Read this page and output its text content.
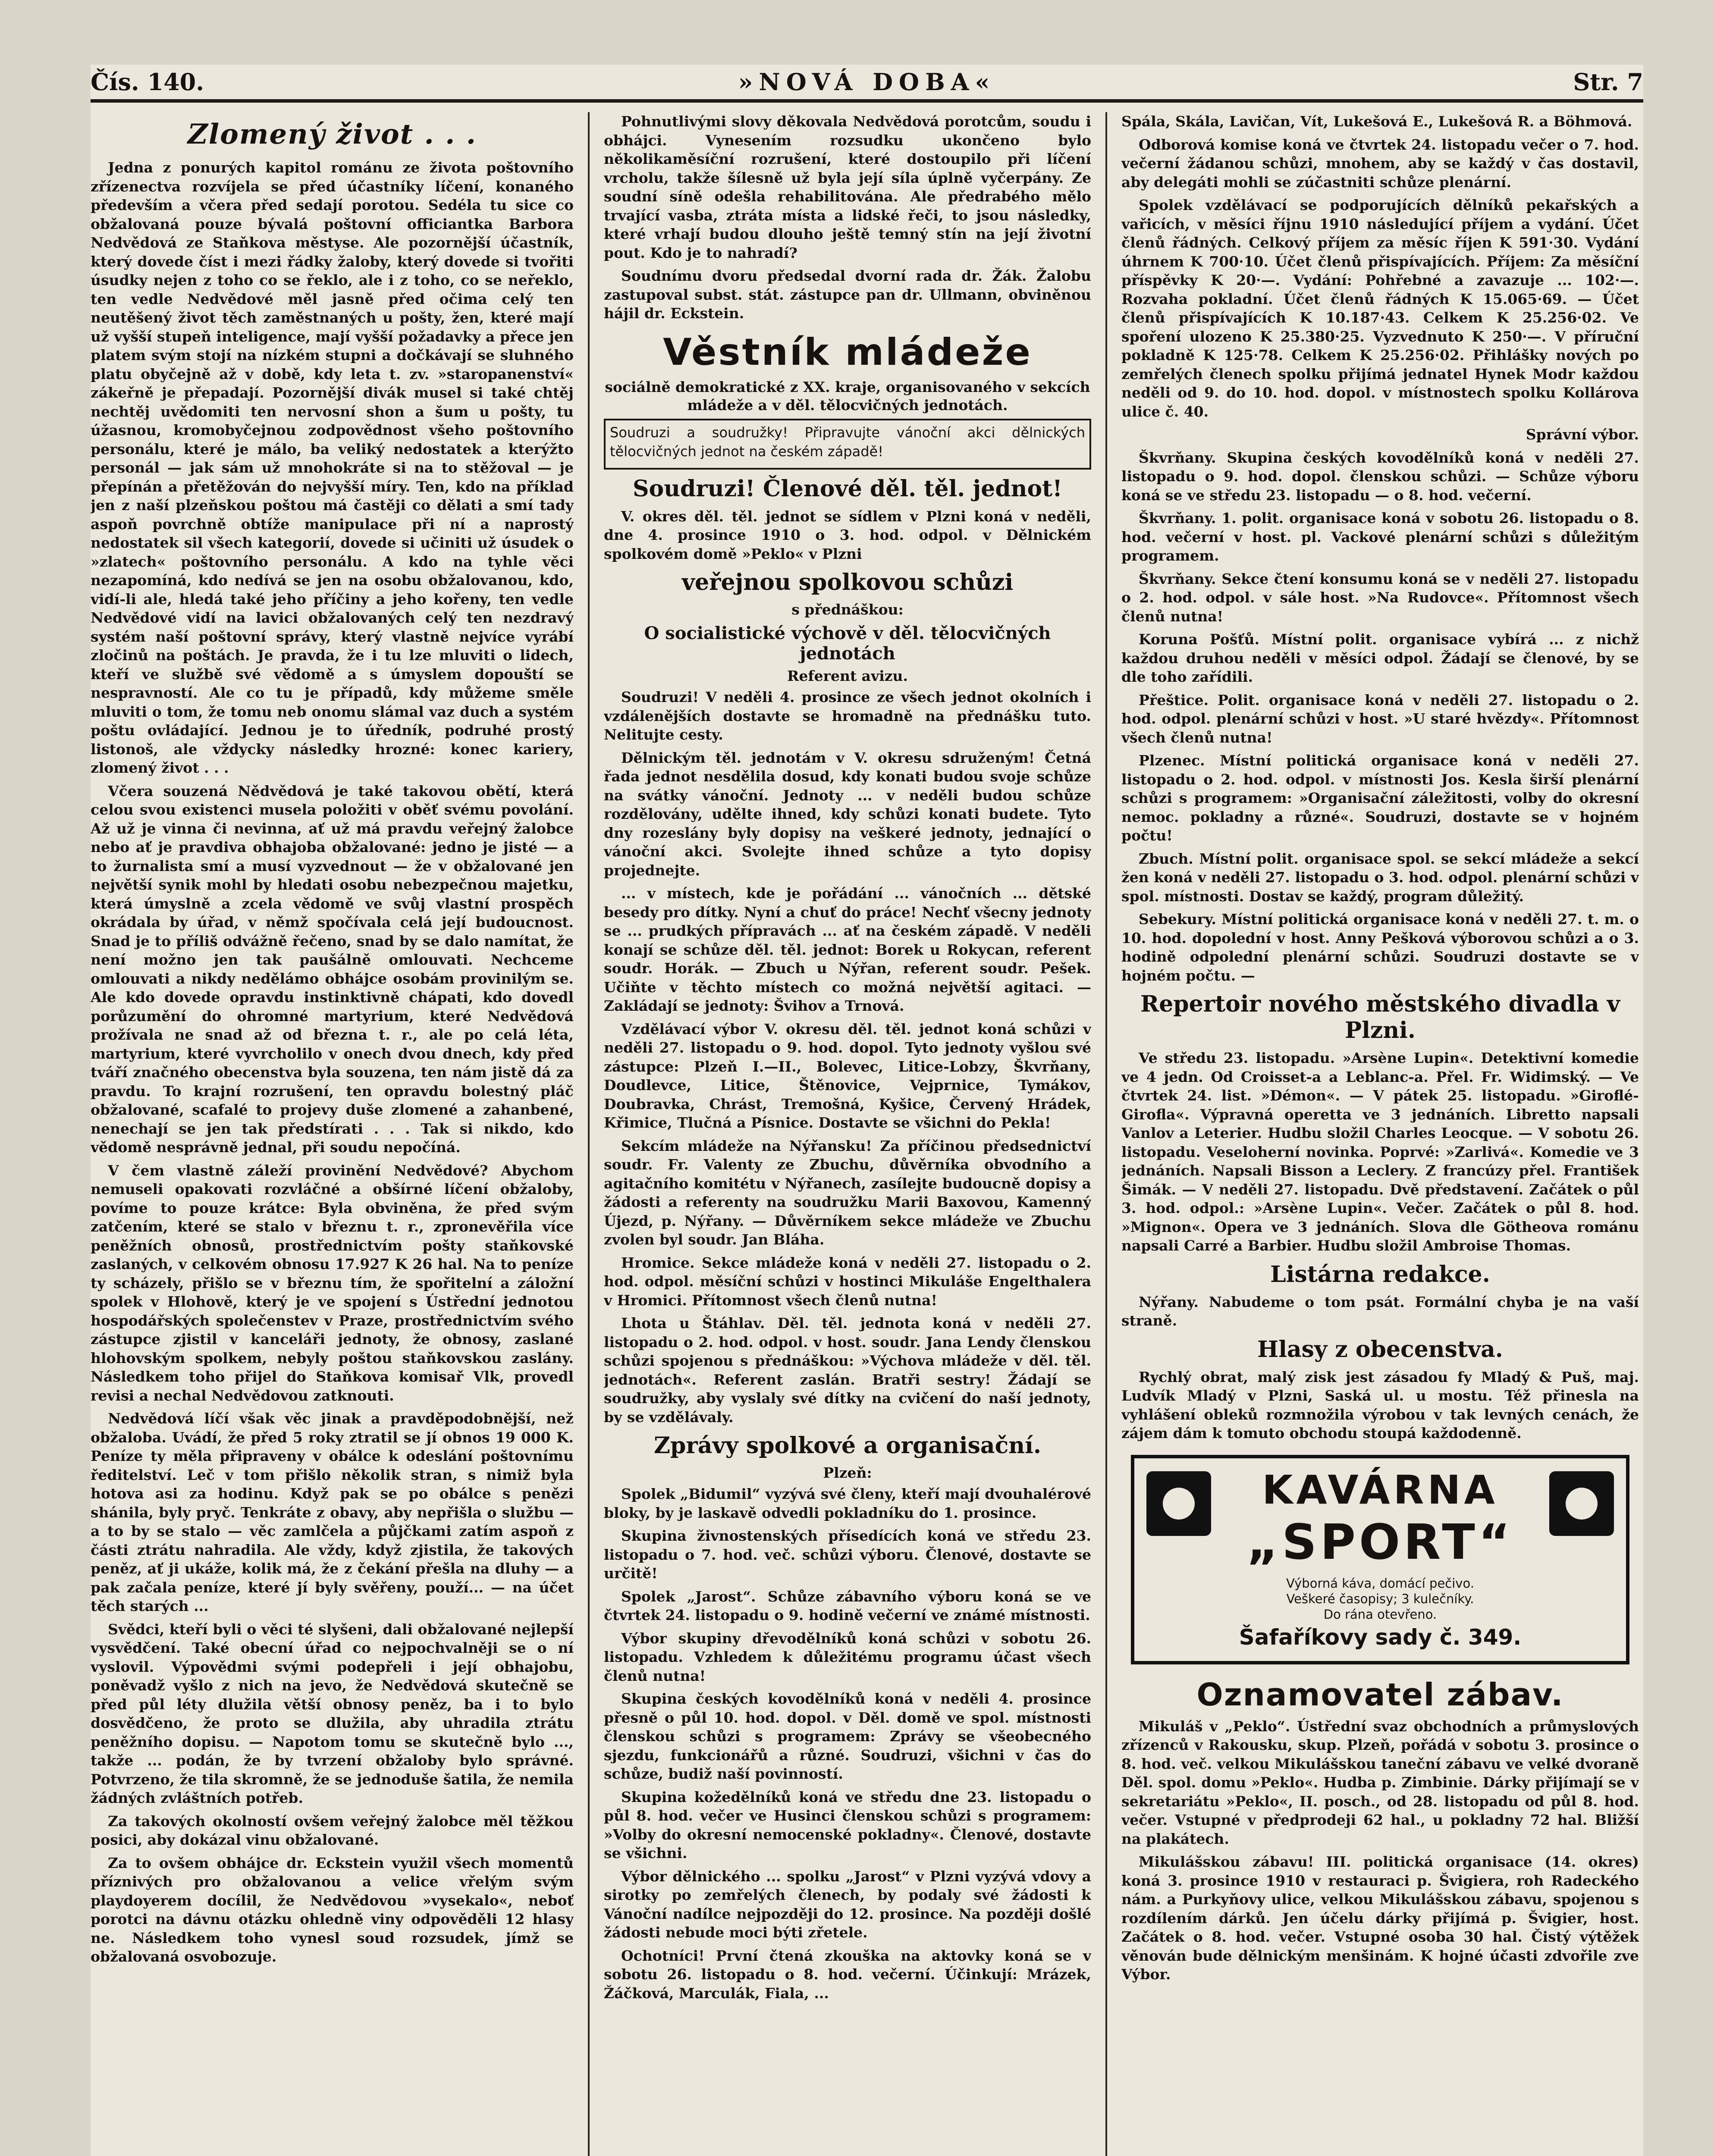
Čís. 140.	»NOVÁ DOBA«	Str. 7
Zlomený život . . .

Jedna z ponurých kapitol románu ze života poštovního zřízenectva rozvíjela se před účastníky líčení, konaného především a včera před sedají porotou. Sedéla tu sice co obžalovaná pouze bývalá poštovní officiantka Barbora Nedvědová ze Staňkova městyse. Ale pozornější účastník, který dovede číst i mezi řádky žaloby, který dovede si tvořiti úsudky nejen z toho co se řeklo, ale i z toho, co se neřeklo, ten vedle Nedvědové měl jasně před očima celý ten neutěšený život těch zaměstnaných u pošty, žen, které mají už vyšší stupeň inteligence, mají vyšší požadavky a přece jen platem svým stojí na nízkém stupni a dočkávají se sluhného platu obyčejně až v době, kdy leta t. zv. »staropanenství« zákeřně je přepadají. Pozornější divák musel si také chtěj nechtěj uvědomiti ten nervosní shon a šum u pošty, tu úžasnou, kromobyčejnou zodpovědnost všeho poštovního personálu, které je málo, ba veliký nedostatek a kterýžto personál — jak sám už mnohokráte si na to stěžoval — je přepínán a přetěžován do nejvyšší míry. Ten, kdo na příklad jen z naší plzeňskou poštou má častěji co dělati a smí tady aspoň povrchně obtíže manipulace při ní a naprostý nedostatek sil všech kategorií, dovede si učiniti už úsudek o »zlatech« poštovního personálu. A kdo na tyhle věci nezapomíná, kdo nedívá se jen na osobu obžalovanou, kdo, vidí-li ale, hledá také jeho příčiny a jeho kořeny, ten vedle Nedvědové vidí na lavici obžalovaných celý ten nezdravý systém naší poštovní správy, který vlastně nejvíce vyrábí zločinů na poštách. Je pravda, že i tu lze mluviti o lidech, kteří ve službě své vědomě a s úmyslem dopouští se nespravností. Ale co tu je případů, kdy můžeme směle mluviti o tom, že tomu neb onomu slámal vaz duch a systém poštu ovládající. Jednou je to úředník, podruhé prostý listonoš, ale vždycky následky hrozné: konec kariery, zlomený život . . .

Včera souzená Nědvědová je také takovou obětí, která celou svou existenci musela položiti v oběť svému povolání. Až už je vinna či nevinna, ať už má pravdu veřejný žalobce nebo ať je pravdiva obhajoba obžalované: jedno je jisté — a to žurnalista smí a musí vyzvednout — že v obžalované jen největší synik mohl by hledati osobu nebezpečnou majetku, která úmyslně a zcela vědomě ve svůj vlastní prospěch okrádala by úřad, v němž spočívala celá její budoucnost. Snad je to příliš odvážně řečeno, snad by se dalo namítat, že není možno jen tak paušálně omlouvati. Nechceme omlouvati a nikdy nedělámo obhájce osobám provinilým se. Ale kdo dovede opravdu instinktivně chápati, kdo dovedl porůzumění do ohromné martyrium, které Nedvědová prožívala ne snad až od března t. r., ale po celá léta, martyrium, které vyvrcholilo v onech dvou dnech, kdy před tváří značného obecenstva byla souzena, ten nám jistě dá za pravdu. To krajní rozrušení, ten opravdu bolestný pláč obžalované, scafalé to projevy duše zlomené a zahanbené, nenechají se jen tak předstírati . . . Tak si nikdo, kdo vědomě nesprávně jednal, při soudu nepočíná.

V čem vlastně záleží provinění Nedvědové? Abychom nemuseli opakovati rozvláčné a obšírné líčení obžaloby, povíme to pouze krátce: Byla obviněna, že před svým zatčením, které se stalo v březnu t. r., zpronevěřila více peněžních obnosů, prostřednictvím pošty staňkovské zaslaných, v celkovém obnosu 17.927 K 26 hal. Na to peníze ty scházely, přišlo se v březnu tím, že spořitelní a záložní spolek v Hlohově, který je ve spojení s Ústřední jednotou hospodářských společenstev v Praze, prostřednictvím svého zástupce zjistil v kanceláři jednoty, že obnosy, zaslané hlohovským spolkem, nebyly poštou staňkovskou zaslány. Následkem toho přijel do Staňkova komisař Vlk, provedl revisi a nechal Nedvědovou zatknouti.

Nedvědová líčí však věc jinak a pravděpodobnější, než obžaloba. Uvádí, že před 5 roky ztratil se jí obnos 19 000 K. Peníze ty měla připraveny v obálce k odeslání poštovnímu ředitelství. Leč v tom přišlo několik stran, s nimiž byla hotova asi za hodinu. Když pak se po obálce s penězi shánila, byly pryč. Tenkráte z obavy, aby nepřišla o službu — a to by se stalo — věc zamlčela a půjčkami zatím aspoň z části ztrátu nahradila. Ale vždy, když zjistila, že takových peněz, ať ji ukáže, kolik má, že z čekání přešla na dluhy — a pak začala peníze, které jí byly svěřeny, použí... — na účet těch starých ...

Svědci, kteří byli o věci té slyšeni, dali obžalované nejlepší vysvědčení. Také obecní úřad co nejpochvalněji se o ní vyslovil. Výpovědmi svými podepřeli i její obhajobu, poněvadž vyšlo z nich na jevo, že Nedvědová skutečně se před půl léty dlužila větší obnosy peněz, ba i to bylo dosvědčeno, že proto se dlužila, aby uhradila ztrátu peněžního dopisu. — Napotom tomu se skutečně bylo ..., takže ... podán, že by tvrzení obžaloby bylo správné. Potvrzeno, že tila skromně, že se jednoduše šatila, že nemila žádných zvláštních potřeb.

Za takových okolností ovšem veřejný žalobce měl těžkou posici, aby dokázal vinu obžalované.

Za to ovšem obhájce dr. Eckstein využil všech momentů příznivých pro obžalovanou a velice vřelým svým playdoyerem docílil, že Nedvědovou »vysekalo«, neboť porotci na dávnu otázku ohledně viny odpověděli 12 hlasy ne. Následkem toho vynesl soud rozsudek, jímž se obžalovaná osvobozuje.

Pohnutlivými slovy děkovala Nedvědová porotcům, soudu i obhájci. Vynesením rozsudku ukončeno bylo několikaměsíční rozrušení, které dostoupilo při líčení vrcholu, takže šílesně už byla její síla úplně vyčerpány. Ze soudní síně odešla rehabilitována. Ale předrabého mělo trvající vasba, ztráta místa a lidské řeči, to jsou následky, které vrhají budou dlouho ještě temný stín na její životní pout. Kdo je to nahradí?

Soudnímu dvoru předsedal dvorní rada dr. Žák. Žalobu zastupoval subst. stát. zástupce pan dr. Ullmann, obviněnou hájil dr. Eckstein.

Věstník mládeže
sociálně demokratické z XX. kraje, organisovaného v sekcích mládeže a v děl. tělocvičných jednotách.

Soudruzi a soudružky! Připravujte vánoční akci dělnických tělocvičných jednot na českém západě!

Soudruzi! Členové děl. těl. jednot!

V. okres děl. těl. jednot se sídlem v Plzni koná v neděli, dne 4. prosince 1910 o 3. hod. odpol. v Dělnickém spolkovém domě »Peklo« v Plzni

veřejnou spolkovou schůzi
s přednáškou:
O socialistické výchově v děl. tělocvičných jednotách
Referent avizu.

Soudruzi! V neděli 4. prosince ze všech jednot okolních i vzdálenějších dostavte se hromadně na přednášku tuto. Nelitujte cesty.

Dělnickým těl. jednotám v V. okresu sdruženým! Četná řada jednot nesdělila dosud, kdy konati budou svoje schůze na svátky vánoční. Jednoty ... v neděli budou schůze rozdělovány, udělte ihned, kdy schůzi konati budete. Tyto dny rozeslány byly dopisy na veškeré jednoty, jednající o vánoční akci. Svolejte ihned schůze a tyto dopisy projednejte.

... v místech, kde je pořádání ... vánočních ... dětské besedy pro dítky. Nyní a chuť do práce! Nechť všecny jednoty se ... prudkých přípravách ... ať na českém západě. V neděli konají se schůze děl. těl. jednot: Borek u Rokycan, referent soudr. Horák. — Zbuch u Nýřan, referent soudr. Pešek. Učiňte v těchto místech co možná největší agitaci. — Zakládají se jednoty: Švihov a Trnová.

Vzdělávací výbor V. okresu děl. těl. jednot koná schůzi v neděli 27. listopadu o 9. hod. dopol. Tyto jednoty vyšlou své zástupce: Plzeň I.—II., Bolevec, Litice-Lobzy, Škvrňany, Doudlevce, Litice, Štěnovice, Vejprnice, Tymákov, Doubravka, Chrást, Tremošná, Kyšice, Červený Hrádek, Křimice, Tlučná a Písnice. Dostavte se všichni do Pekla!

Sekcím mládeže na Nýřansku! Za příčinou předsednictví soudr. Fr. Valenty ze Zbuchu, důvěrníka obvodního a agitačního komitétu v Nýřanech, zasílejte budoucně dopisy a žádosti a referenty na soudružku Marii Baxovou, Kamenný Újezd, p. Nýřany. — Důvěrníkem sekce mládeže ve Zbuchu zvolen byl soudr. Jan Bláha.

Hromice. Sekce mládeže koná v neděli 27. listopadu o 2. hod. odpol. měsíční schůzi v hostinci Mikuláše Engelthalera v Hromici. Přítomnost všech členů nutna!

Lhota u Štáhlav. Děl. těl. jednota koná v neděli 27. listopadu o 2. hod. odpol. v host. soudr. Jana Lendy členskou schůzi spojenou s přednáškou: »Výchova mládeže v děl. těl. jednotách«. Referent zaslán. Bratři sestry! Žádají se soudružky, aby vyslaly své dítky na cvičení do naší jednoty, by se vzdělávaly.

Zprávy spolkové a organisační.
Plzeň:

Spolek „Bidumil“ vyzývá své členy, kteří mají dvouhalérové bloky, by je laskavě odvedli pokladníku do 1. prosince.

Skupina živnostenských přísedících koná ve středu 23. listopadu o 7. hod. več. schůzi výboru. Členové, dostavte se určitě!

Spolek „Jarost“. Schůze zábavního výboru koná se ve čtvrtek 24. listopadu o 9. hodině večerní ve známé místnosti.

Výbor skupiny dřevodělníků koná schůzi v sobotu 26. listopadu. Vzhledem k důležitému programu účast všech členů nutna!

Skupina českých kovodělníků koná v neděli 4. prosince přesně o půl 10. hod. dopol. v Děl. domě ve spol. místnosti členskou schůzi s programem: Zprávy se všeobecného sjezdu, funkcionářů a různé. Soudruzi, všichni v čas do schůze, budiž naší povinností.

Skupina kožedělníků koná ve středu dne 23. listopadu o půl 8. hod. večer ve Husinci členskou schůzi s programem: »Volby do okresní nemocenské pokladny«. Členové, dostavte se všichni.

Výbor dělnického ... spolku „Jarost“ v Plzni vyzývá vdovy a sirotky po zemřelých členech, by podaly své žádosti k Vánoční nadílce nejpozději do 12. prosince. Na později došlé žádosti nebude moci býti zřetele.

Ochotníci! První čtená zkouška na aktovky koná se v sobotu 26. listopadu o 8. hod. večerní. Účinkují: Mrázek, Žáčková, Marculák, Fiala, ...

Spála, Skála, Lavičan, Vít, Lukešová E., Lukešová R. a Böhmová.

Odborová komise koná ve čtvrtek 24. listopadu večer o 7. hod. večerní žádanou schůzi, mnohem, aby se každý v čas dostavil, aby delegáti mohli se zúčastniti schůze plenární.

Spolek vzdělávací se podporujících dělníků pekařských a vařicích, v měsíci říjnu 1910 následující příjem a vydání. Účet členů řádných. Celkový příjem za měsíc říjen K 591·30. Vydání úhrnem K 700·10. Účet členů přispívajících. Příjem: Za měsíční příspěvky K 20·—. Vydání: Pohřebné a zavazuje ... 102·—. Rozvaha pokladní. Účet členů řádných K 15.065·69. — Účet členů přispívajících K 10.187·43. Celkem K 25.256·02. Ve spoření ulozeno K 25.380·25. Vyzvednuto K 250·—. V příruční pokladně K 125·78. Celkem K 25.256·02. Přihlášky nových po zemřelých členech spolku přijímá jednatel Hynek Modr každou neděli od 9. do 10. hod. dopol. v místnostech spolku Kollárova ulice č. 40.

Správní výbor.

Škvrňany. Skupina českých kovodělníků koná v neděli 27. listopadu o 9. hod. dopol. členskou schůzi. — Schůze výboru koná se ve středu 23. listopadu — o 8. hod. večerní.

Škvrňany. 1. polit. organisace koná v sobotu 26. listopadu o 8. hod. večerní v host. pl. Vackové plenární schůzi s důležitým programem.

Škvrňany. Sekce čtení konsumu koná se v neděli 27. listopadu o 2. hod. odpol. v sále host. »Na Rudovce«. Přítomnost všech členů nutna!

Koruna Pošťů. Místní polit. organisace vybírá ... z nichž každou druhou neděli v měsíci odpol. Žádají se členové, by se dle toho zařídili.

Přeštice. Polit. organisace koná v neděli 27. listopadu o 2. hod. odpol. plenární schůzi v host. »U staré hvězdy«. Přítomnost všech členů nutna!

Plzenec. Místní politická organisace koná v neděli 27. listopadu o 2. hod. odpol. v místnosti Jos. Kesla širší plenární schůzi s programem: »Organisační záležitosti, volby do okresní nemoc. pokladny a různé«. Soudruzi, dostavte se v hojném počtu!

Zbuch. Místní polit. organisace spol. se sekcí mládeže a sekcí žen koná v neděli 27. listopadu o 3. hod. odpol. plenární schůzi v spol. místnosti. Dostav se každý, program důležitý.

Sebekury. Místní politická organisace koná v neděli 27. t. m. o 10. hod. dopolední v host. Anny Pešková výborovou schůzi a o 3. hodině odpolední plenární schůzi. Soudruzi dostavte se v hojném počtu. —

Repertoir nového městského divadla v Plzni.

Ve středu 23. listopadu. »Arsène Lupin«. Detektivní komedie ve 4 jedn. Od Croisset-a a Leblanc-a. Přel. Fr. Widimský. — Ve čtvrtek 24. list. »Démon«. — V pátek 25. listopadu. »Giroflé-Girofla«. Výpravná operetta ve 3 jednáních. Libretto napsali Vanlov a Leterier. Hudbu složil Charles Leocque. — V sobotu 26. listopadu. Veseloherní novinka. Poprvé: »Zarlivá«. Komedie ve 3 jednáních. Napsali Bisson a Leclery. Z francúzy přel. František Šimák. — V neděli 27. listopadu. Dvě představení. Začátek o půl 3. hod. odpol.: »Arsène Lupin«. Večer. Začátek o půl 8. hod. »Mignon«. Opera ve 3 jednáních. Slova dle Götheova románu napsali Carré a Barbier. Hudbu složil Ambroise Thomas.

Listárna redakce.

Nýřany. Nabudeme o tom psát. Formální chyba je na vaší straně.

Hlasy z obecenstva.

Rychlý obrat, malý zisk jest zásadou fy Mladý & Puš, maj. Ludvík Mladý v Plzni, Saská ul. u mostu. Též přinesla na vyhlášení obleků rozmnožila výrobou v tak levných cenách, že zájem dám k tomuto obchodu stoupá každodenně.

KAVÁRNA
„SPORT“
Výborná káva, domácí pečivo.
Veškeré časopisy; 3 kulečníky.
Do rána otevřeno.
Šafaříkovy sady č. 349.
Oznamovatel zábav.

Mikuláš v „Peklo“. Ústřední svaz obchodních a průmyslových zřízenců v Rakousku, skup. Plzeň, pořádá v sobotu 3. prosince o 8. hod. več. velkou Mikulášskou taneční zábavu ve velké dvoraně Děl. spol. domu »Peklo«. Hudba p. Zimbinie. Dárky přijímají se v sekretariátu »Peklo«, II. posch., od 28. listopadu od půl 8. hod. večer. Vstupné v předprodeji 62 hal., u pokladny 72 hal. Bližší na plakátech.

Mikulášskou zábavu! III. politická organisace (14. okres) koná 3. prosince 1910 v restauraci p. Švigiera, roh Radeckého nám. a Purkyňovy ulice, velkou Mikulášskou zábavu, spojenou s rozdílením dárků. Jen účelu dárky přijímá p. Švigier, host. Začátek o 8. hod. večer. Vstupné osoba 30 hal. Čistý výtěžek věnován bude dělnickým menšinám. K hojné účasti zdvořile zve Výbor.
